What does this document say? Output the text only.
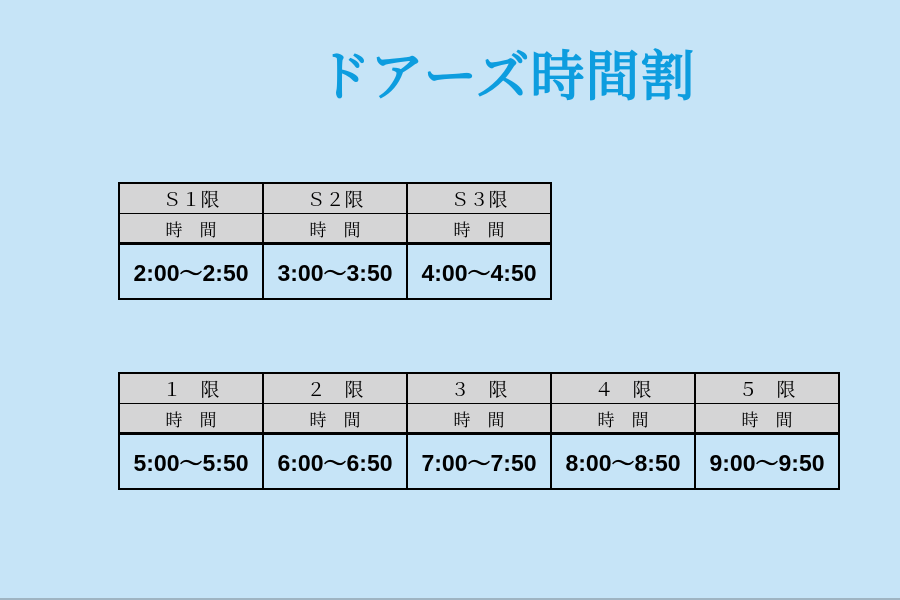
ドアーズ時間割
Ｓ１限	Ｓ２限	Ｓ３限
時　間	時　間	時　間
2:00～2:50	3:00～3:50	4:00～4:50
１　限	２　限	３　限	４　限	５　限
時　間	時　間	時　間	時　間	時　間
5:00～5:50	6:00～6:50	7:00～7:50	8:00～8:50	9:00～9:50
